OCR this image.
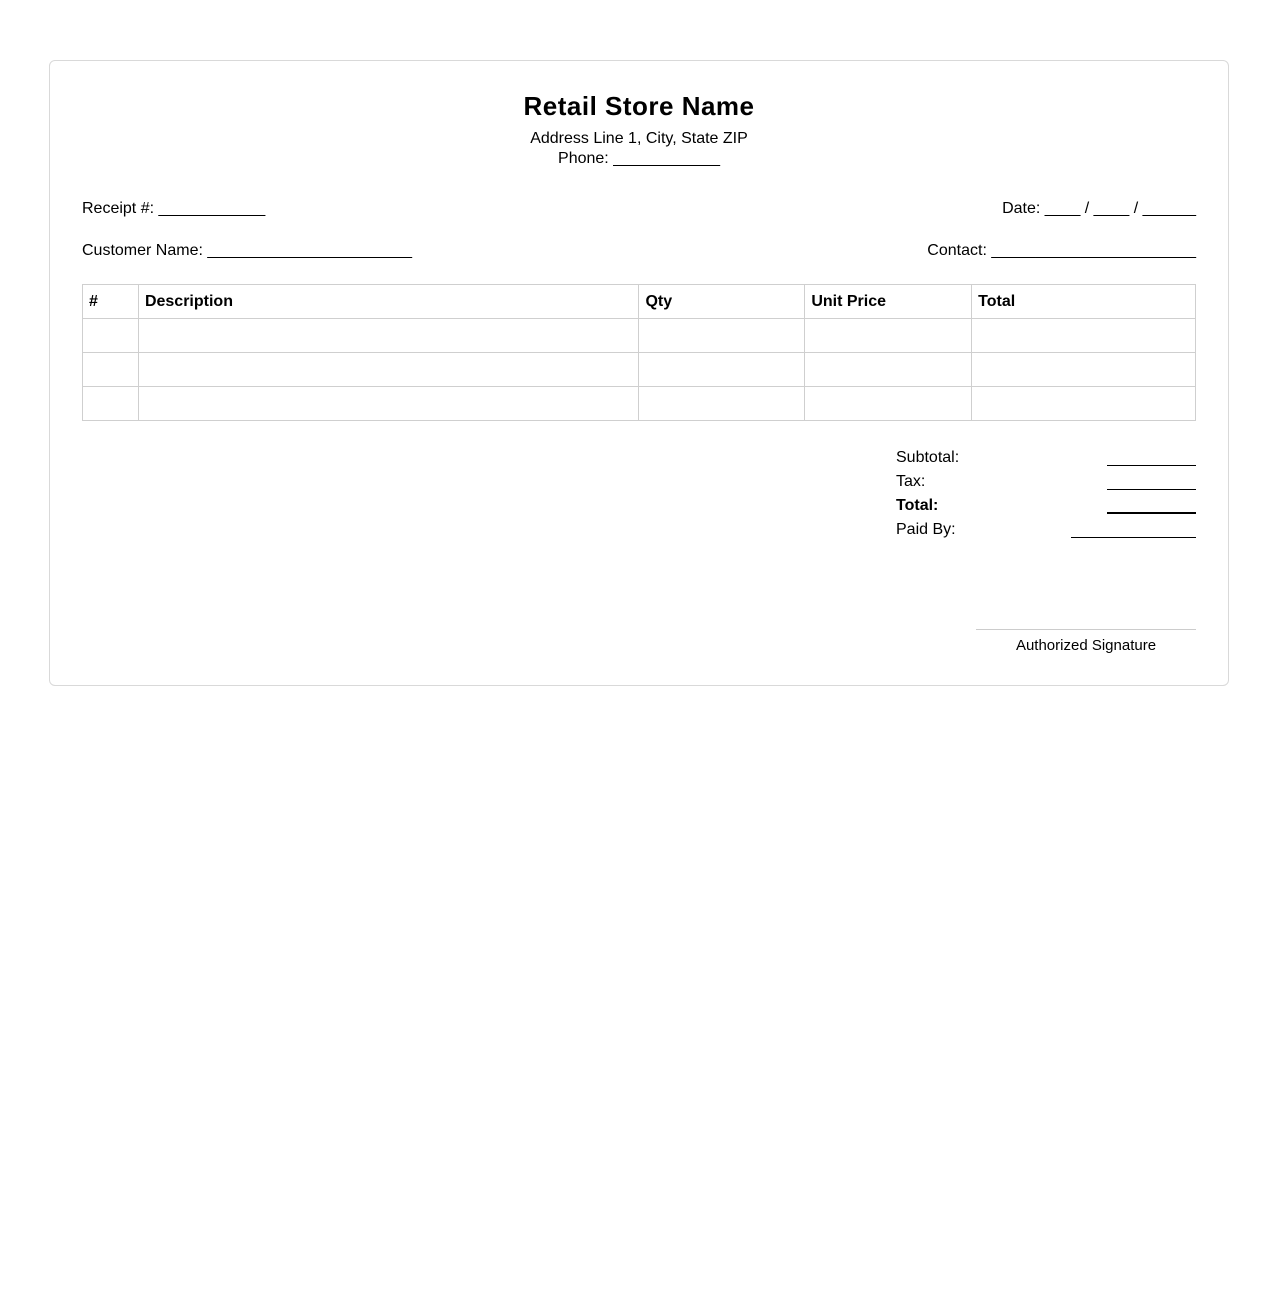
Retail Store Name
Address Line 1, City, State ZIP
Phone: ____________
Receipt #: ____________	Date: ____ / ____ / ______
Customer Name: _______________________	Contact: _______________________
#	Description	Qty	Unit Price	Total

Subtotal:
Tax:
Total:
Paid By:
Authorized Signature
